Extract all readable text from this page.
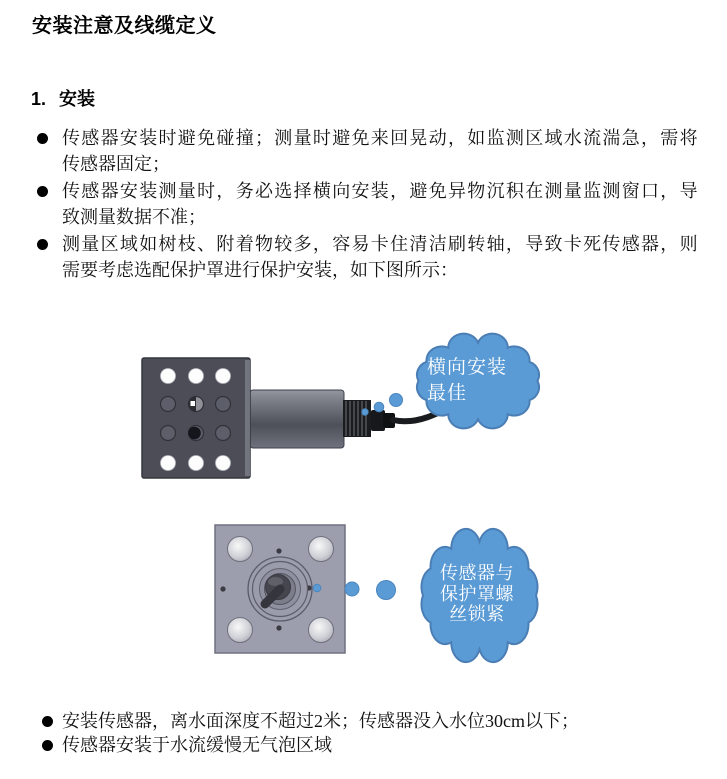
安装注意及线缆定义
1. 安装
传感器安装时避免碰撞；测量时避免来回晃动，如监测区域水流湍急，需将
传感器固定；
传感器安装测量时，务必选择横向安装，避免异物沉积在测量监测窗口，导
致测量数据不准；
测量区域如树枝、附着物较多，容易卡住清洁刷转轴，导致卡死传感器，则
需要考虑选配保护罩进行保护安装，如下图所示：
横向安装
最佳
传感器与
保护罩螺
丝锁紧
安装传感器，离水面深度不超过2米；传感器没入水位30cm以下；
传感器安装于水流缓慢无气泡区域
